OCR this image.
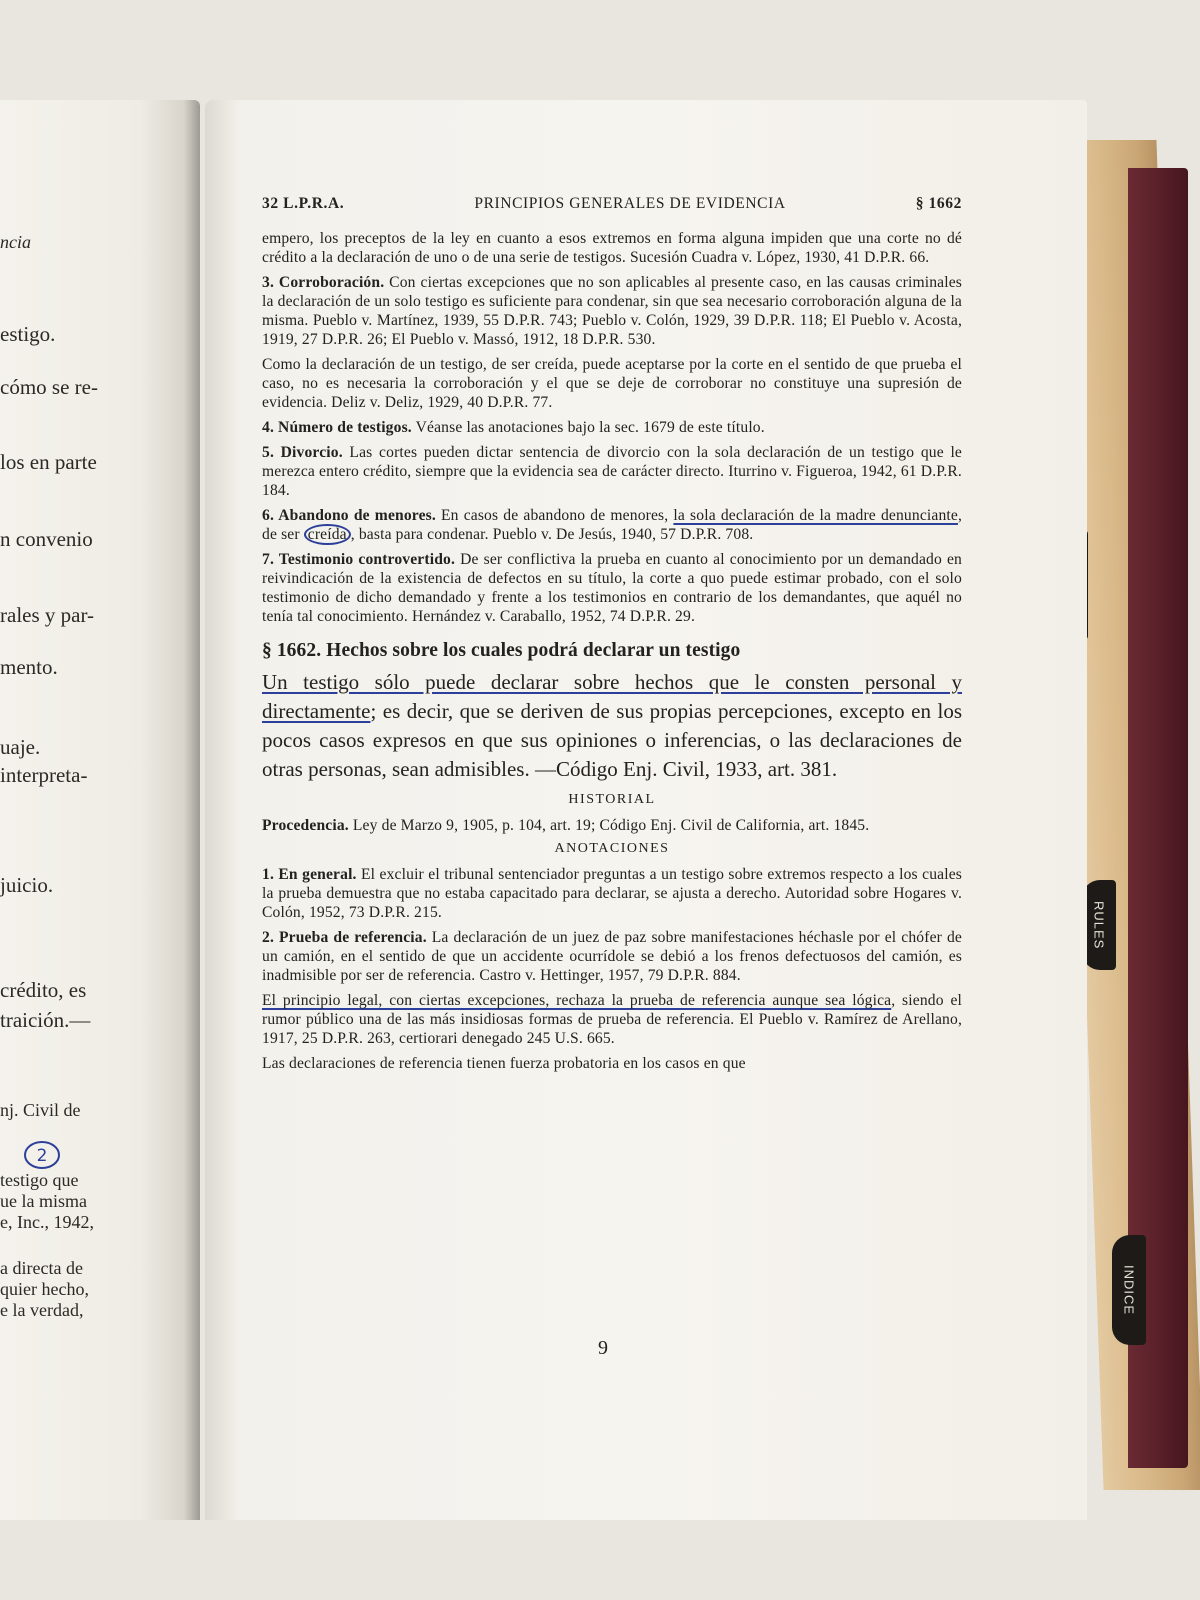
ncia
estigo.
cómo se re-
los en parte
n convenio
rales y par-
mento.
uaje.
interpreta-
juicio.
crédito, es
traición.—
nj. Civil de
testigo que
ue la misma
e, Inc., 1942,
a directa de
quier hecho,
e la verdad,
2
RULES
INDICE
32 L.P.R.A.	PRINCIPIOS GENERALES DE EVIDENCIA	§ 1662

empero, los preceptos de la ley en cuanto a esos extremos en forma alguna impiden que una corte no dé crédito a la declaración de uno o de una serie de testigos. Sucesión Cuadra v. López, 1930, 41 D.P.R. 66.

3. Corroboración. Con ciertas excepciones que no son aplicables al presente caso, en las causas criminales la declaración de un solo testigo es suficiente para condenar, sin que sea necesario corroboración alguna de la misma. Pueblo v. Martínez, 1939, 55 D.P.R. 743; Pueblo v. Colón, 1929, 39 D.P.R. 118; El Pueblo v. Acosta, 1919, 27 D.P.R. 26; El Pueblo v. Massó, 1912, 18 D.P.R. 530.

Como la declaración de un testigo, de ser creída, puede aceptarse por la corte en el sentido de que prueba el caso, no es necesaria la corroboración y el que se deje de corroborar no constituye una supresión de evidencia. Deliz v. Deliz, 1929, 40 D.P.R. 77.

4. Número de testigos. Véanse las anotaciones bajo la sec. 1679 de este título.

5. Divorcio. Las cortes pueden dictar sentencia de divorcio con la sola declaración de un testigo que le merezca entero crédito, siempre que la evidencia sea de carácter directo. Iturrino v. Figueroa, 1942, 61 D.P.R. 184.

6. Abandono de menores. En casos de abandono de menores, la sola declaración de la madre denunciante, de ser creída , basta para condenar. Pueblo v. De Jesús, 1940, 57 D.P.R. 708.

7. Testimonio controvertido. De ser conflictiva la prueba en cuanto al conocimiento por un demandado en reivindicación de la existencia de defectos en su título, la corte a quo puede estimar probado, con el solo testimonio de dicho demandado y frente a los testimonios en contrario de los demandantes, que aquél no tenía tal conocimiento. Hernández v. Caraballo, 1952, 74 D.P.R. 29.

§ 1662. Hechos sobre los cuales podrá declarar un testigo

Un testigo sólo puede declarar sobre hechos que le consten personal y directamente; es decir, que se deriven de sus propias percepciones, excepto en los pocos casos expresos en que sus opiniones o inferencias, o las declaraciones de otras personas, sean admisibles. —Código Enj. Civil, 1933, art. 381.

HISTORIAL

Procedencia. Ley de Marzo 9, 1905, p. 104, art. 19; Código Enj. Civil de California, art. 1845.

ANOTACIONES

1. En general. El excluir el tribunal sentenciador preguntas a un testigo sobre extremos respecto a los cuales la prueba demuestra que no estaba capacitado para declarar, se ajusta a derecho. Autoridad sobre Hogares v. Colón, 1952, 73 D.P.R. 215.

2. Prueba de referencia. La declaración de un juez de paz sobre manifestaciones héchasle por el chófer de un camión, en el sentido de que un accidente ocurrídole se debió a los frenos defectuosos del camión, es inadmisible por ser de referencia. Castro v. Hettinger, 1957, 79 D.P.R. 884.

El principio legal, con ciertas excepciones, rechaza la prueba de referencia aunque sea lógica, siendo el rumor público una de las más insidiosas formas de prueba de referencia. El Pueblo v. Ramírez de Arellano, 1917, 25 D.P.R. 263, certiorari denegado 245 U.S. 665.

Las declaraciones de referencia tienen fuerza probatoria en los casos en que

9
